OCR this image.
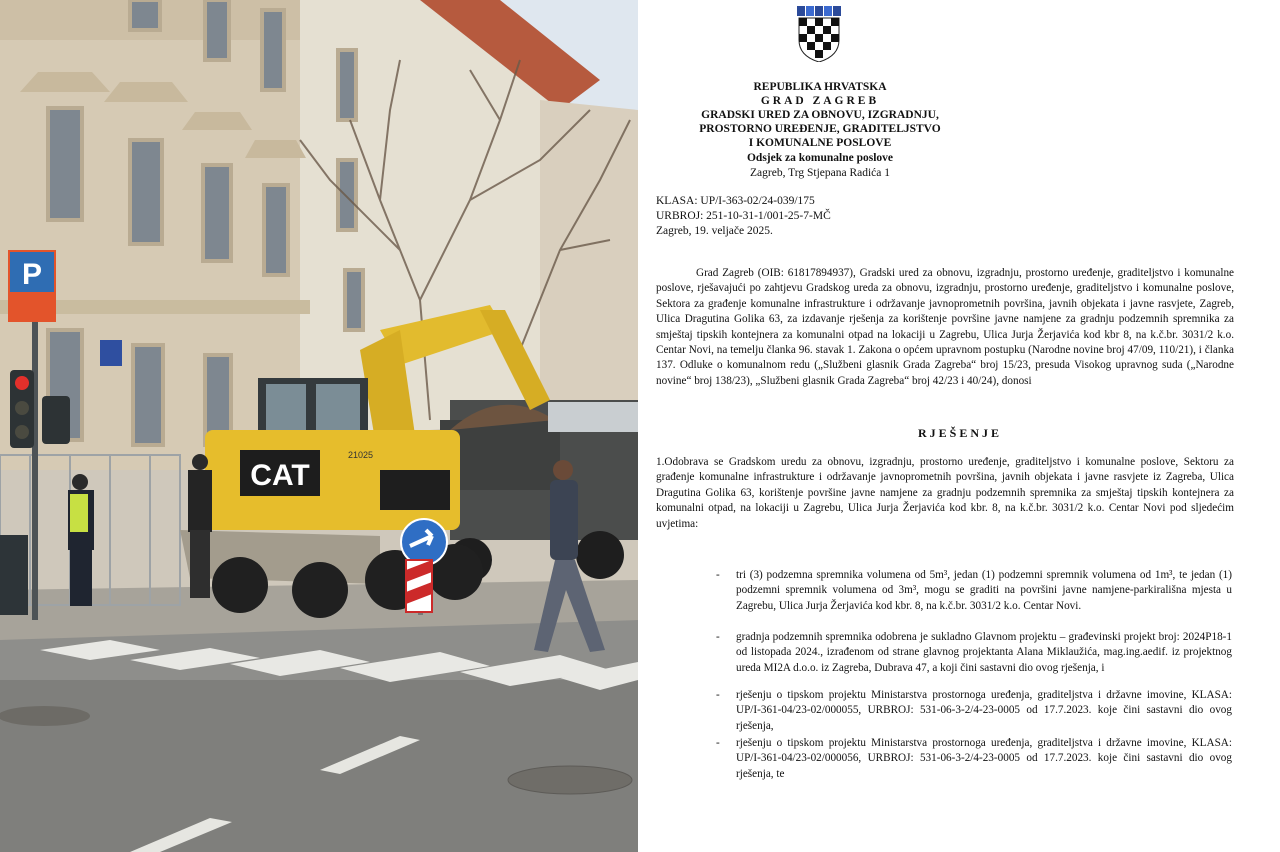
P
CAT
21025
REPUBLIKA HRVATSKA
GRAD ZAGREB
GRADSKI URED ZA OBNOVU, IZGRADNJU,
PROSTORNO UREĐENJE, GRADITELJSTVO
I KOMUNALNE POSLOVE
Odsjek za komunalne poslove
Zagreb, Trg Stjepana Radića 1
KLASA: UP/I-363-02/24-039/175
URBROJ: 251-10-31-1/001-25-7-MČ
Zagreb, 19. veljače 2025.
Grad Zagreb (OIB: 61817894937), Gradski ured za obnovu, izgradnju, prostorno uređenje, graditeljstvo i komunalne poslove, rješavajući po zahtjevu Gradskog ureda za obnovu, izgradnju, prostorno uređenje, graditeljstvo i komunalne poslove, Sektora za građenje komunalne infrastrukture i održavanje javnoprometnih površina, javnih objekata i javne rasvjete, Zagreb, Ulica Dragutina Golika 63, za izdavanje rješenja za korištenje površine javne namjene za gradnju podzemnih spremnika za smještaj tipskih kontejnera za komunalni otpad na lokaciji u Zagrebu, Ulica Jurja Žerjavića kod kbr 8, na k.č.br. 3031/2 k.o. Centar Novi, na temelju članka 96. stavak 1. Zakona o općem upravnom postupku (Narodne novine broj 47/09, 110/21), i članka 137. Odluke o komunalnom redu („Službeni glasnik Grada Zagreba“ broj 15/23, presuda Visokog upravnog suda („Narodne novine“ broj 138/23), „Službeni glasnik Grada Zagreba“ broj 42/23 i 40/24), donosi
RJEŠENJE
1.Odobrava se Gradskom uredu za obnovu, izgradnju, prostorno uređenje, graditeljstvo i komunalne poslove, Sektoru za građenje komunalne infrastrukture i održavanje javnoprometnih površina, javnih objekata i javne rasvjete iz Zagreba, Ulica Dragutina Golika 63, korištenje površine javne namjene za gradnju podzemnih spremnika za smještaj tipskih kontejnera za komunalni otpad, na lokaciji u Zagrebu, Ulica Jurja Žerjavića kod kbr. 8, na k.č.br. 3031/2 k.o. Centar Novi pod sljedećim uvjetima:
- tri (3) podzemna spremnika volumena od 5m³, jedan (1) podzemni spremnik volumena od 1m³, te jedan (1) podzemni spremnik volumena od 3m³, mogu se graditi na površini javne namjene-parkirališna mjesta u Zagrebu, Ulica Jurja Žerjavića kod kbr. 8, na k.č.br. 3031/2 k.o. Centar Novi.
- gradnja podzemnih spremnika odobrena je sukladno Glavnom projektu – građevinski projekt broj: 2024P18-1 od listopada 2024., izrađenom od strane glavnog projektanta Alana Miklaužića, mag.ing.aedif. iz projektnog ureda MI2A d.o.o. iz Zagreba, Dubrava 47, a koji čini sastavni dio ovog rješenja, i
- rješenju o tipskom projektu Ministarstva prostornoga uređenja, graditeljstva i državne imovine, KLASA: UP/I-361-04/23-02/000055, URBROJ: 531-06-3-2/4-23-0005 od 17.7.2023. koje čini sastavni dio ovog rješenja,
- rješenju o tipskom projektu Ministarstva prostornoga uređenja, graditeljstva i državne imovine, KLASA: UP/I-361-04/23-02/000056, URBROJ: 531-06-3-2/4-23-0005 od 17.7.2023. koje čini sastavni dio ovog rješenja, te
